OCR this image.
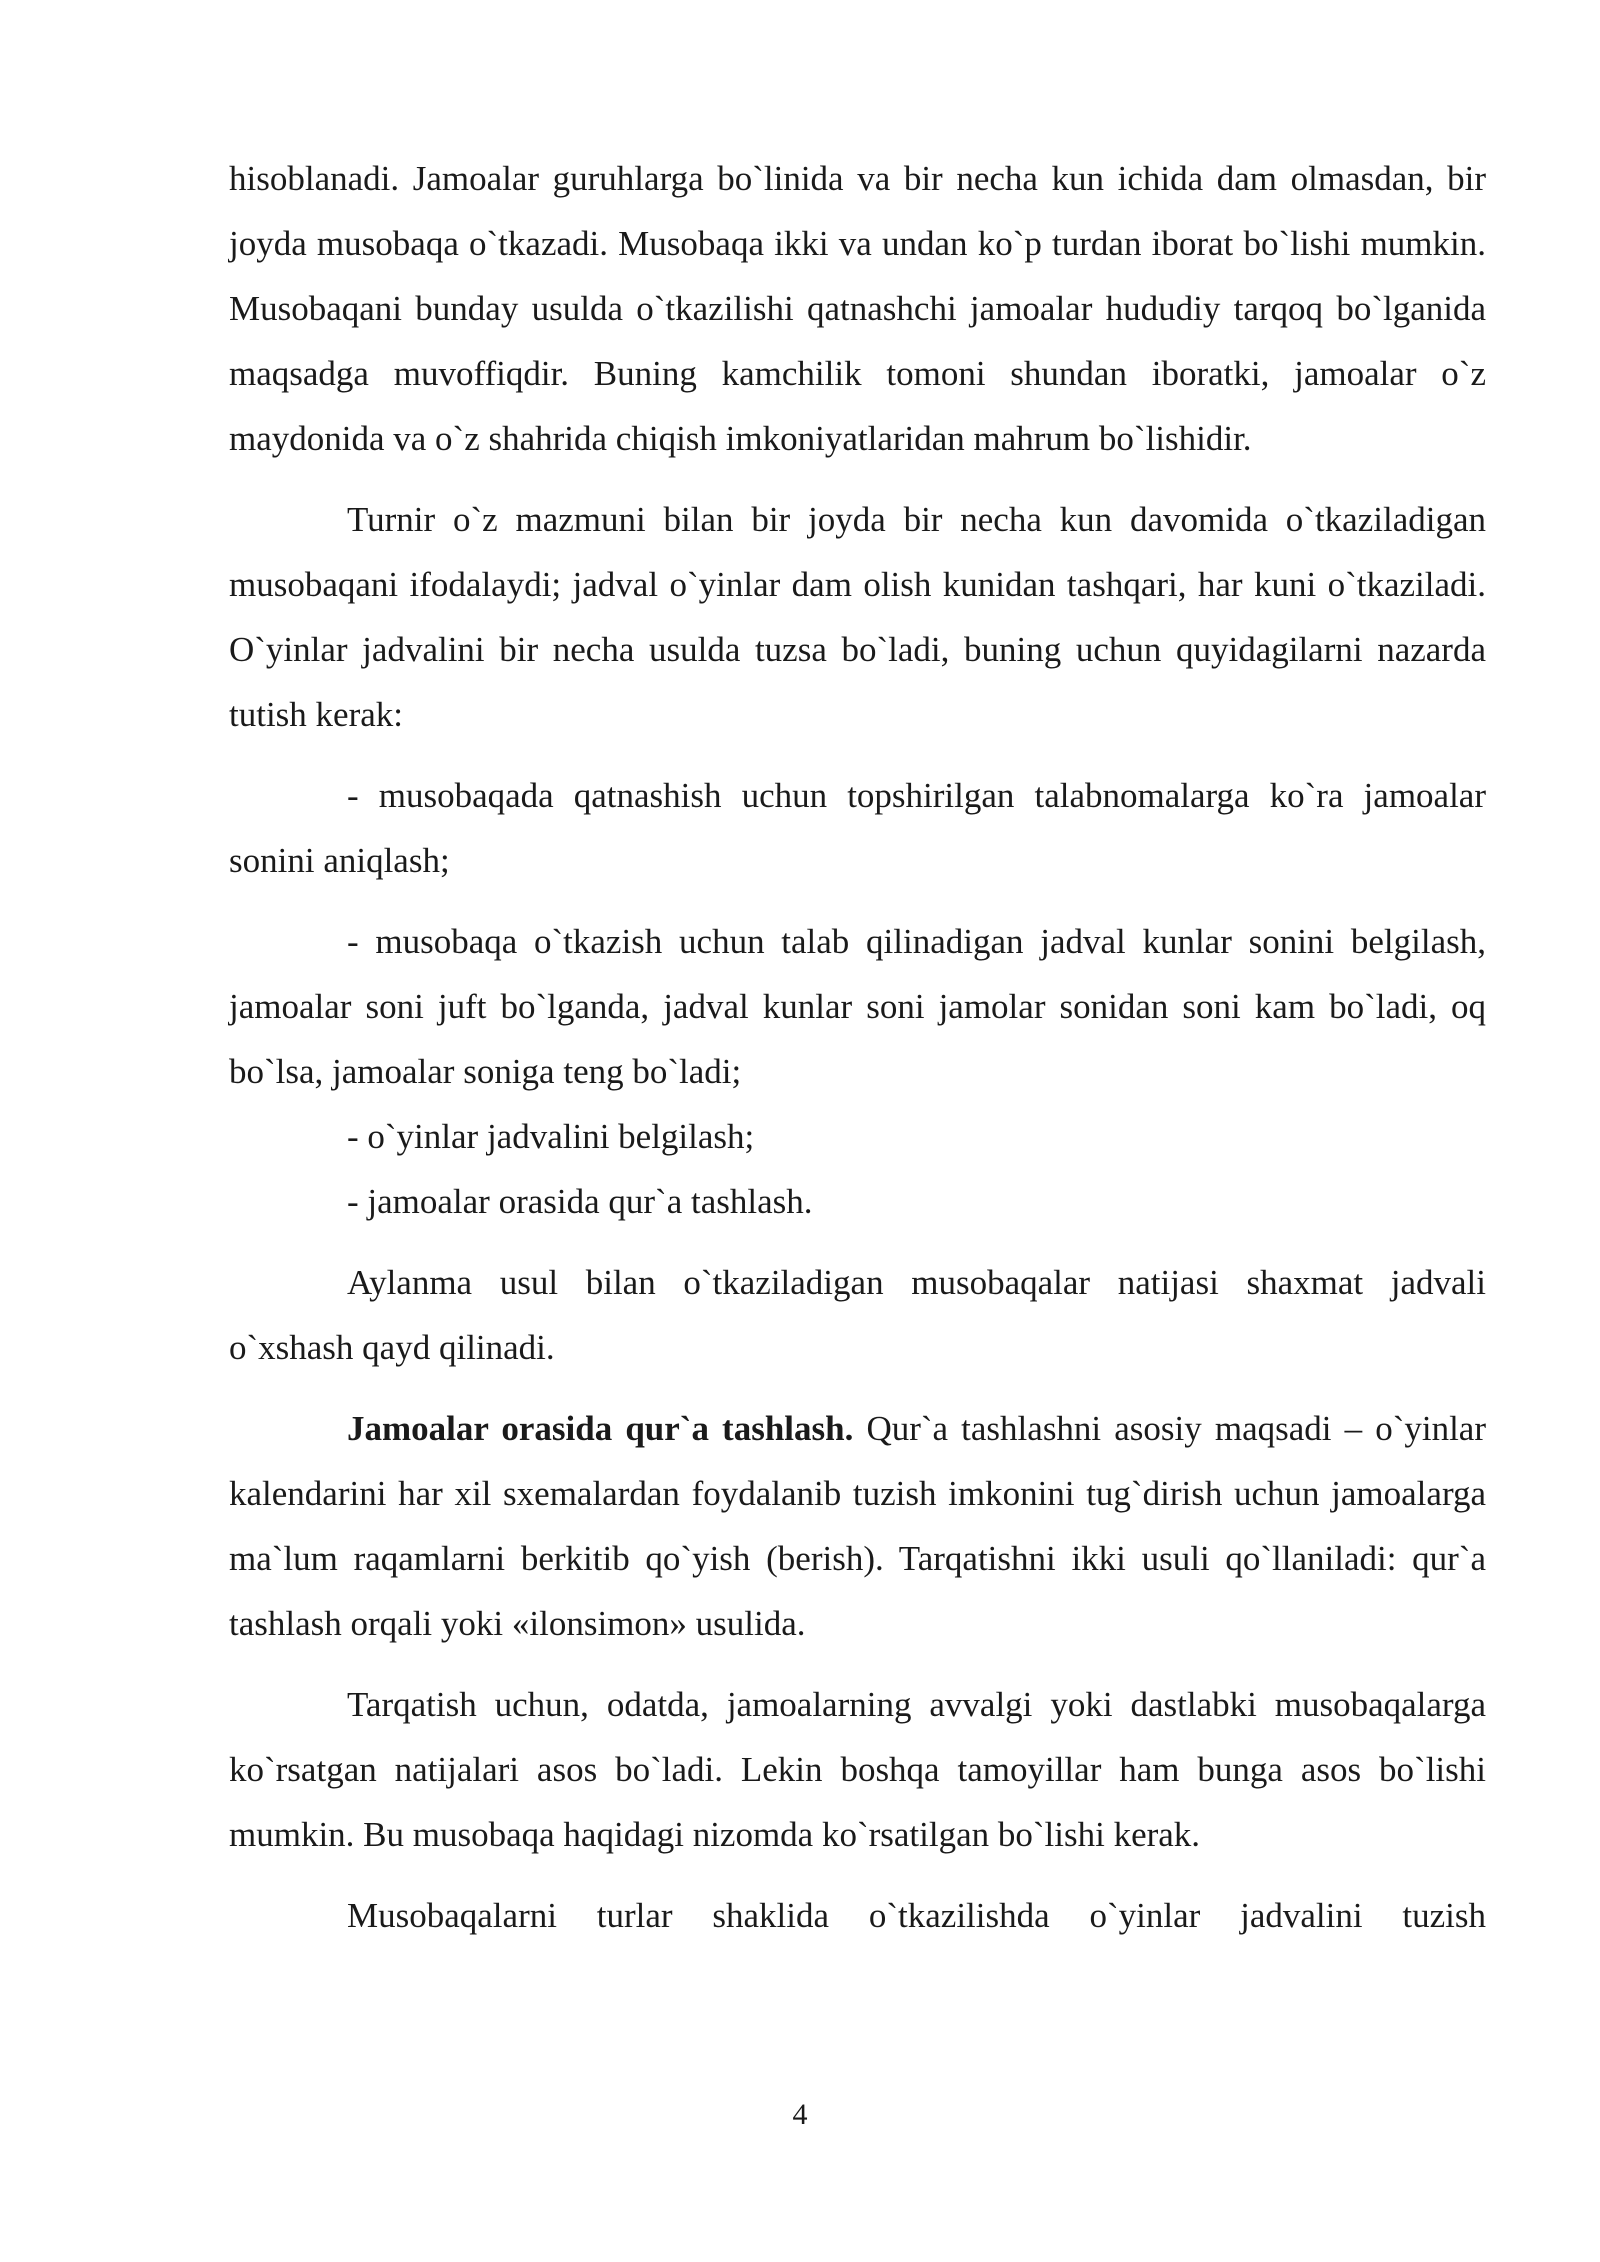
hisoblanadi. Jamoalar guruhlarga bo`linida va bir necha kun ichida dam olmasdan, bir joyda musobaqa o`tkazadi. Musobaqa ikki va undan ko`p turdan iborat bo`lishi mumkin. Musobaqani bunday usulda o`tkazilishi qatnashchi jamoalar hududiy tarqoq bo`lganida maqsadga muvoffiqdir. Buning kamchilik tomoni shundan iboratki, jamoalar o`z maydonida va o`z shahrida chiqish imkoniyatlaridan mahrum bo`lishidir.

Turnir o`z mazmuni bilan bir joyda bir necha kun davomida o`tkaziladigan musobaqani ifodalaydi; jadval o`yinlar dam olish kunidan tashqari, har kuni o`tkaziladi. O`yinlar jadvalini bir necha usulda tuzsa bo`ladi, buning uchun quyidagilarni nazarda tutish kerak:

- musobaqada qatnashish uchun topshirilgan talabnomalarga ko`ra jamoalar sonini aniqlash;

- musobaqa o`tkazish uchun talab qilinadigan jadval kunlar sonini belgilash, jamoalar soni juft bo`lganda, jadval kunlar soni jamolar sonidan soni kam bo`ladi, oq bo`lsa, jamoalar soniga teng bo`ladi;

- o`yinlar jadvalini belgilash;

- jamoalar orasida qur`a tashlash.

Aylanma usul bilan o`tkaziladigan musobaqalar natijasi shaxmat jadvali o`xshash qayd qilinadi.

Jamoalar orasida qur`a tashlash. Qur`a tashlashni asosiy maqsadi – o`yinlar kalendarini har xil sxemalardan foydalanib tuzish imkonini tug`dirish uchun jamoalarga ma`lum raqamlarni berkitib qo`yish (berish). Tarqatishni ikki usuli qo`llaniladi: qur`a tashlash orqali yoki «ilonsimon» usulida.

Tarqatish uchun, odatda, jamoalarning avvalgi yoki dastlabki musobaqalarga ko`rsatgan natijalari asos bo`ladi. Lekin boshqa tamoyillar ham bunga asos bo`lishi mumkin. Bu musobaqa haqidagi nizomda ko`rsatilgan bo`lishi kerak.

Musobaqalarni turlar shaklida o`tkazilishda o`yinlar jadvalini tuzish

4
